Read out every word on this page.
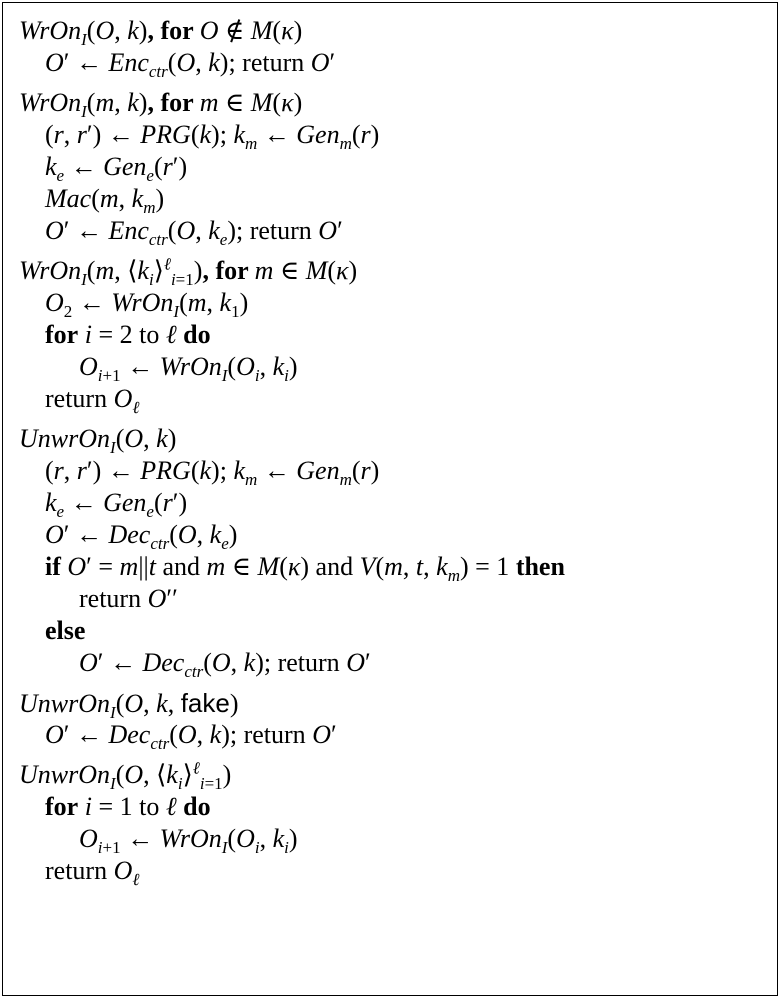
WrOn$_I$(O, k), for O ∉ M(κ)
O′ ← Enc$_{ctr}$(O, k); return O′
WrOn$_I$(m, k), for m ∈ M(κ)
(r, r′) ← PRG(k); $k_m$ ← Gen$_m$(r)
$k_e$ ← Gen$_e$(r′)
Mac(m, $k_m$)
O′ ← Enc$_{ctr}$(O, $k_e$); return O′
WrOn$_I$(m, $⟨k_i⟩^\ell_{i=1}$), for m ∈ M(κ)
$O_2$ ← WrOn$_I$(m, $k_1$)
for i = 2 to ℓ do
$O_{i+1}$ ← $WrOn_I(O_i$, $k_i$)
return $O_\ell$
UnwrOn$_I$(O, k)
(r, r′) ← PRG(k); $k_m$ ← Gen$_m$(r)
$k_e$ ← Gen$_e$(r′)
O′ ← Dec$_{ctr}$(O, $k_e$)
if O′ = m||t and m ∈ M(κ) and V(m, t, $k_m) = 1$ then
return O′′
else
O′ ← Dec$_{ctr}$(O, k); return O′
UnwrOn$_I$(O, k, fake)
O′ ← Dec$_{ctr}$(O, k); return O′
UnwrOn$_I$(O, $⟨k_i⟩^\ell_{i=1}$)
for i = 1 to ℓ do
$O_{i+1}$ ← $WrOn_I(O_i$, $k_i$)
return $O_\ell$
